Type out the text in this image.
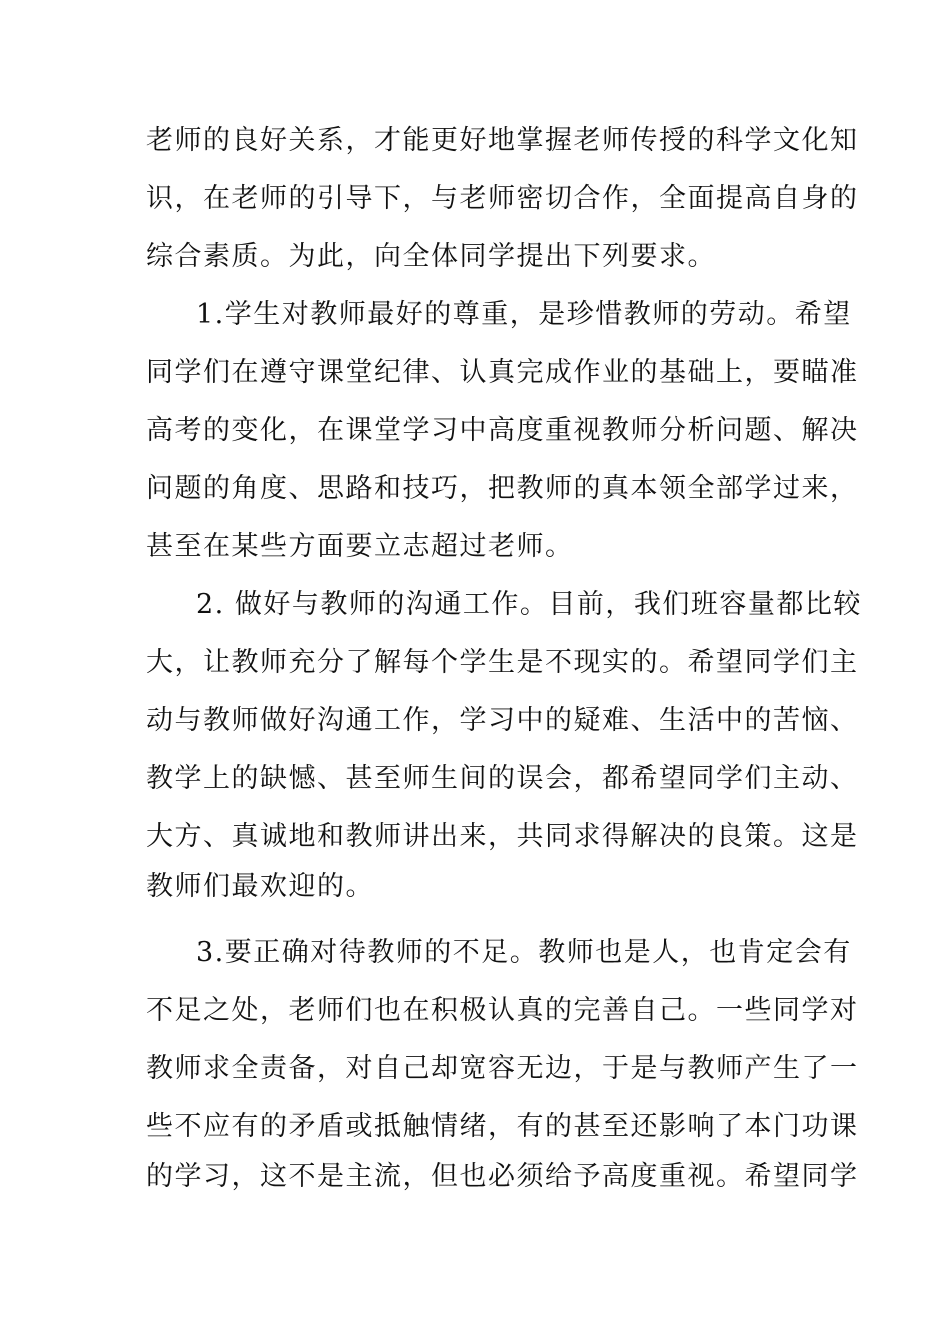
老师的良好关系，才能更好地掌握老师传授的科学文化知
识，在老师的引导下，与老师密切合作，全面提高自身的
综合素质。为此，向全体同学提出下列要求。
1.学生对教师最好的尊重，是珍惜教师的劳动。希望
同学们在遵守课堂纪律、认真完成作业的基础上，要瞄准
高考的变化，在课堂学习中高度重视教师分析问题、解决
问题的角度、思路和技巧，把教师的真本领全部学过来，
甚至在某些方面要立志超过老师。
2. 做好与教师的沟通工作。目前，我们班容量都比较
大，让教师充分了解每个学生是不现实的。希望同学们主
动与教师做好沟通工作，学习中的疑难、生活中的苦恼、
教学上的缺憾、甚至师生间的误会，都希望同学们主动、
大方、真诚地和教师讲出来，共同求得解决的良策。这是
教师们最欢迎的。
3.要正确对待教师的不足。教师也是人，也肯定会有
不足之处，老师们也在积极认真的完善自己。一些同学对
教师求全责备，对自己却宽容无边，于是与教师产生了一
些不应有的矛盾或抵触情绪，有的甚至还影响了本门功课
的学习，这不是主流，但也必须给予高度重视。希望同学
